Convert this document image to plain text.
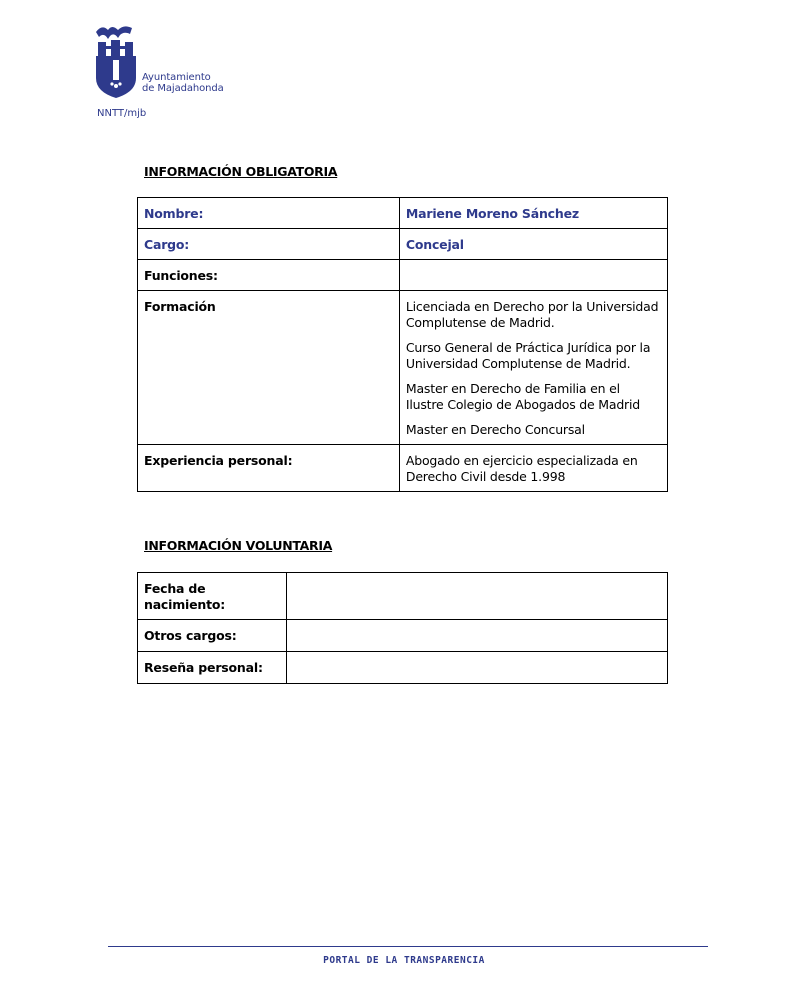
Ayuntamiento
de Majadahonda
NNTT/mjb
INFORMACIÓN OBLIGATORIA
Nombre:	Mariene Moreno Sánchez
Cargo:	Concejal
Funciones:	
Formación	Licenciada en Derecho por la Universidad Complutense de Madrid.

Curso General de Práctica Jurídica por la Universidad Complutense de Madrid.

Master en Derecho de Familia en el Ilustre Colegio de Abogados de Madrid

Master en Derecho Concursal

Experiencia personal:	Abogado en ejercicio especializada en Derecho Civil desde 1.998
INFORMACIÓN VOLUNTARIA
Fecha de nacimiento:	
Otros cargos:	
Reseña personal:	
PORTAL DE LA TRANSPARENCIA
